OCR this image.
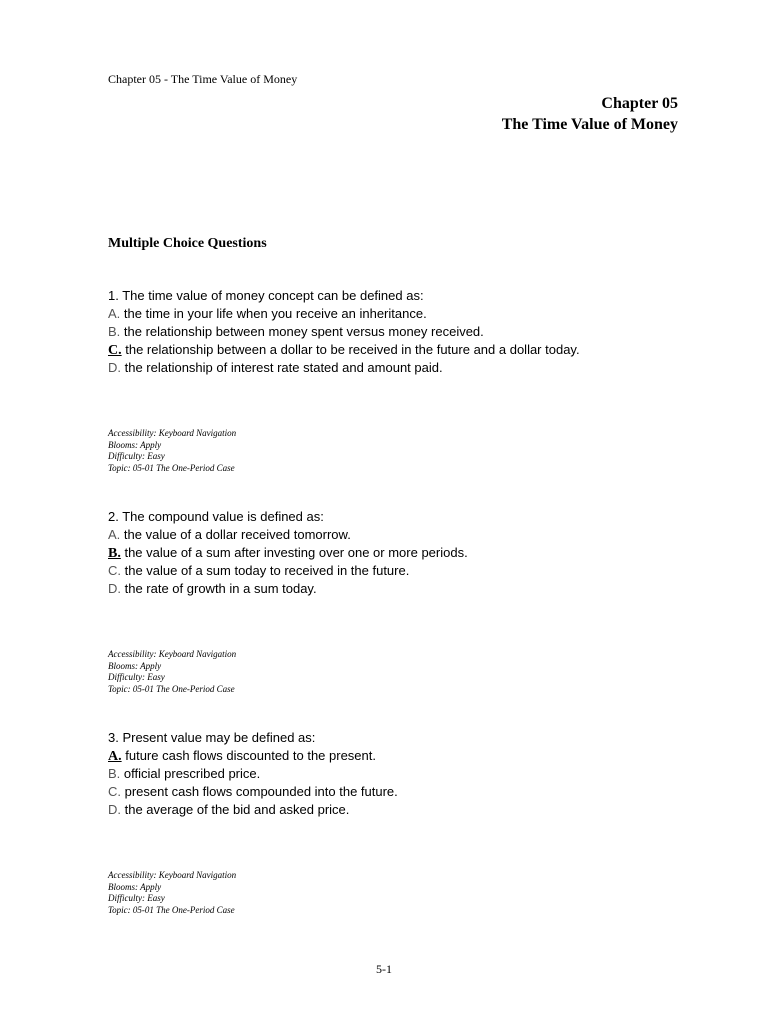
Chapter 05 - The Time Value of Money
Chapter 05
The Time Value of Money
Multiple Choice Questions
1. The time value of money concept can be defined as:
A. the time in your life when you receive an inheritance.
B. the relationship between money spent versus money received.
C. the relationship between a dollar to be received in the future and a dollar today.
D. the relationship of interest rate stated and amount paid.
Accessibility: Keyboard Navigation
Blooms: Apply
Difficulty: Easy
Topic: 05-01 The One-Period Case
2. The compound value is defined as:
A. the value of a dollar received tomorrow.
B. the value of a sum after investing over one or more periods.
C. the value of a sum today to received in the future.
D. the rate of growth in a sum today.
Accessibility: Keyboard Navigation
Blooms: Apply
Difficulty: Easy
Topic: 05-01 The One-Period Case
3. Present value may be defined as:
A. future cash flows discounted to the present.
B. official prescribed price.
C. present cash flows compounded into the future.
D. the average of the bid and asked price.
Accessibility: Keyboard Navigation
Blooms: Apply
Difficulty: Easy
Topic: 05-01 The One-Period Case
5-1
